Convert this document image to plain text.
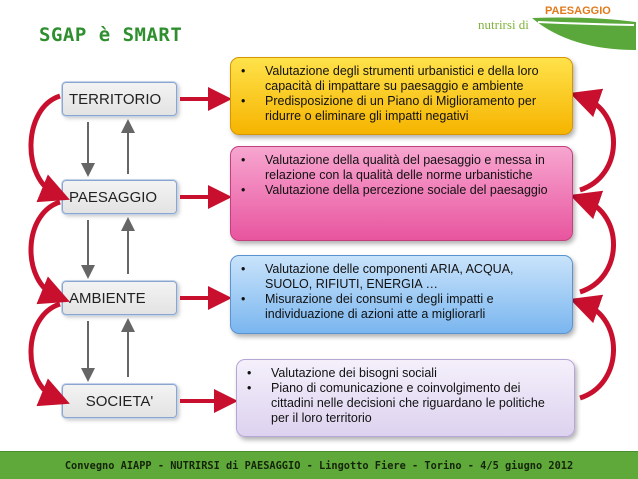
SGAP è SMART
PAESAGGIO
nutrirsi di
TERRITORIO
PAESAGGIO
AMBIENTE
SOCIETA'
• Valutazione degli strumenti urbanistici e della loro capacità di impattare su paesaggio e ambiente
• Predisposizione di un Piano di Miglioramento per ridurre o eliminare gli impatti negativi
• Valutazione della qualità del paesaggio e messa in relazione con la qualità delle norme urbanistiche
• Valutazione della percezione sociale del paesaggio
• Valutazione delle componenti ARIA, ACQUA, SUOLO, RIFIUTI, ENERGIA …
• Misurazione dei consumi e degli impatti e individuazione di azioni atte a migliorarli
• Valutazione dei bisogni sociali
• Piano di comunicazione e coinvolgimento dei cittadini nelle decisioni che riguardano le politiche per il loro territorio
Convegno AIAPP - NUTRIRSI di PAESAGGIO - Lingotto Fiere - Torino - 4/5 giugno 2012
